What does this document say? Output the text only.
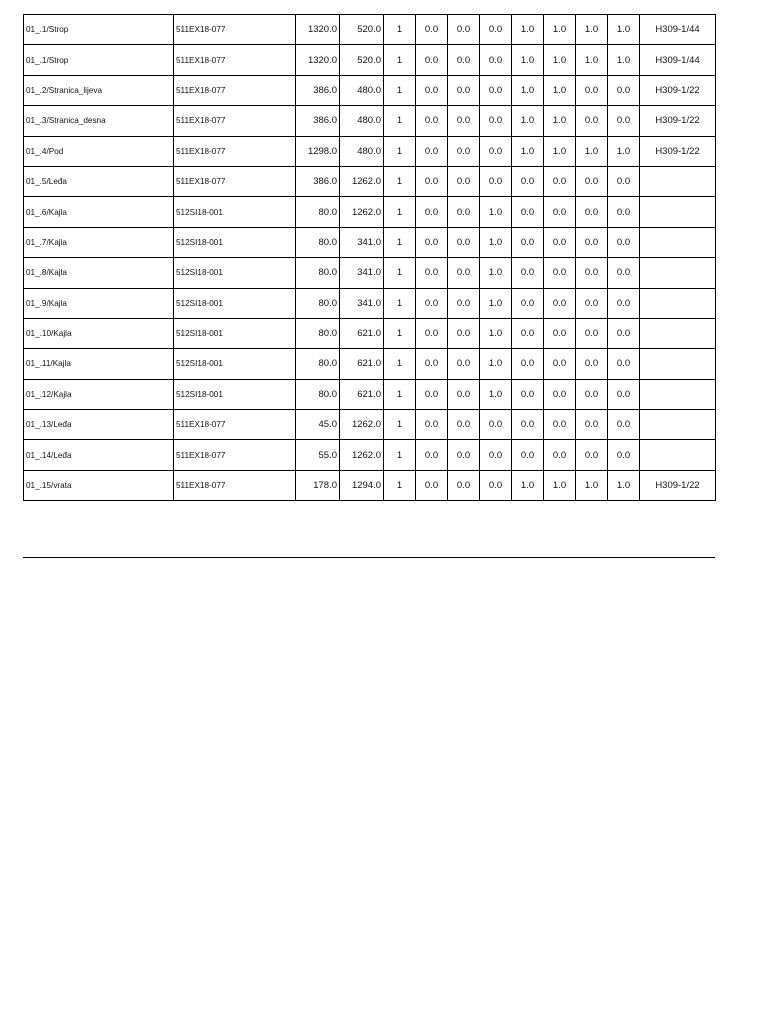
01_.1/Strop	511EX18-077	1320.0	520.0	1	0.0	0.0	0.0	1.0	1.0	1.0	1.0	H309-1/44
01_.1/Strop	511EX18-077	1320.0	520.0	1	0.0	0.0	0.0	1.0	1.0	1.0	1.0	H309-1/44
01_.2/Stranica_lijeva	511EX18-077	386.0	480.0	1	0.0	0.0	0.0	1.0	1.0	0.0	0.0	H309-1/22
01_.3/Stranica_desna	511EX18-077	386.0	480.0	1	0.0	0.0	0.0	1.0	1.0	0.0	0.0	H309-1/22
01_.4/Pod	511EX18-077	1298.0	480.0	1	0.0	0.0	0.0	1.0	1.0	1.0	1.0	H309-1/22
01_.5/Leđa	511EX18-077	386.0	1262.0	1	0.0	0.0	0.0	0.0	0.0	0.0	0.0	
01_.6/Kajla	512SI18-001	80.0	1262.0	1	0.0	0.0	1.0	0.0	0.0	0.0	0.0	
01_.7/Kajla	512SI18-001	80.0	341.0	1	0.0	0.0	1.0	0.0	0.0	0.0	0.0	
01_.8/Kajla	512SI18-001	80.0	341.0	1	0.0	0.0	1.0	0.0	0.0	0.0	0.0	
01_.9/Kajla	512SI18-001	80.0	341.0	1	0.0	0.0	1.0	0.0	0.0	0.0	0.0	
01_.10/Kajla	512SI18-001	80.0	621.0	1	0.0	0.0	1.0	0.0	0.0	0.0	0.0	
01_.11/Kajla	512SI18-001	80.0	621.0	1	0.0	0.0	1.0	0.0	0.0	0.0	0.0	
01_.12/Kajla	512SI18-001	80.0	621.0	1	0.0	0.0	1.0	0.0	0.0	0.0	0.0	
01_.13/Leđa	511EX18-077	45.0	1262.0	1	0.0	0.0	0.0	0.0	0.0	0.0	0.0	
01_.14/Leđa	511EX18-077	55.0	1262.0	1	0.0	0.0	0.0	0.0	0.0	0.0	0.0	
01_.15/vrata	511EX18-077	178.0	1294.0	1	0.0	0.0	0.0	1.0	1.0	1.0	1.0	H309-1/22
